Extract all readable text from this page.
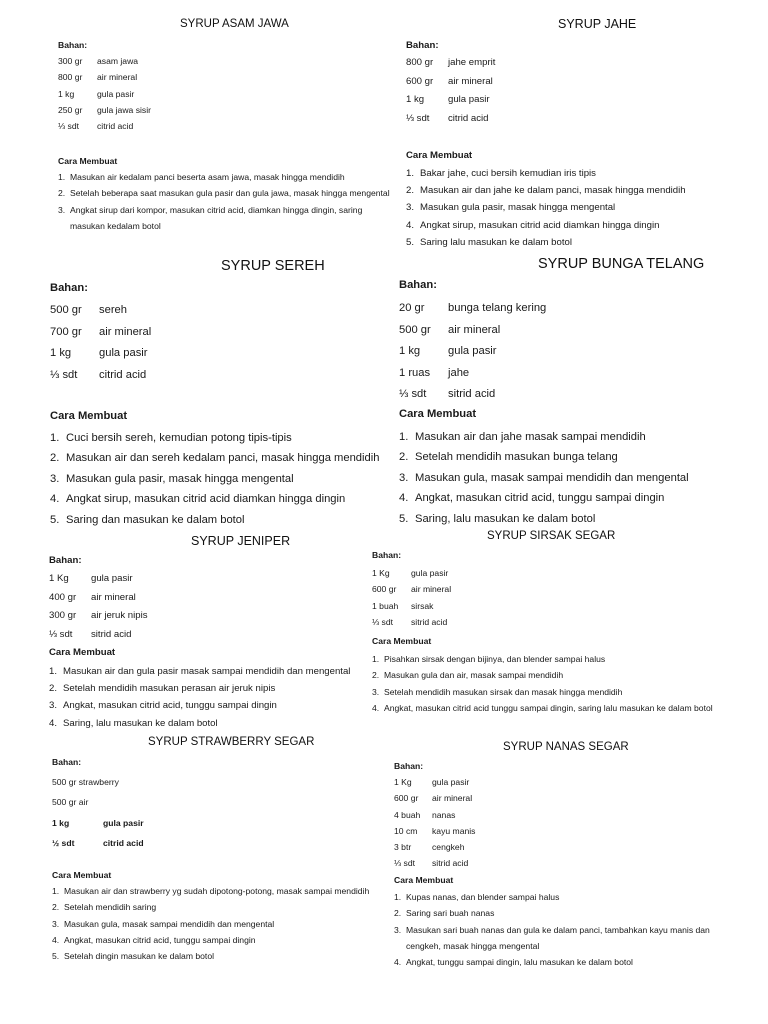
SYRUP ASAM JAWA
Bahan:
300 gr	asam jawa
800 gr	air mineral
1 kg	gula pasir
250 gr	gula jawa sisir
⅓ sdt	citrid acid
Cara Membuat
1. Masukan air kedalam panci beserta asam jawa, masak hingga mendidih
2. Setelah beberapa saat masukan gula pasir dan gula jawa, masak hingga mengental
3. Angkat sirup dari kompor, masukan citrid acid, diamkan hingga dingin, saring masukan kedalam botol
SYRUP JAHE
Bahan:
800 gr	jahe emprit
600 gr	air mineral
1 kg	gula pasir
⅓ sdt	citrid acid
Cara Membuat
1. Bakar jahe, cuci bersih kemudian iris tipis
2. Masukan air dan jahe ke dalam panci, masak hingga mendidih
3. Masukan gula pasir, masak hingga mengental
4. Angkat sirup, masukan citrid acid diamkan hingga dingin
5. Saring lalu masukan ke dalam botol
SYRUP SEREH
Bahan:
500 gr	sereh
700 gr	air mineral
1 kg	gula pasir
⅓ sdt	citrid acid
Cara Membuat
1. Cuci bersih sereh, kemudian potong tipis-tipis
2. Masukan air dan sereh kedalam panci, masak hingga mendidih
3. Masukan gula pasir, masak hingga mengental
4. Angkat sirup, masukan citrid acid diamkan hingga dingin
5. Saring dan masukan ke dalam botol
SYRUP BUNGA TELANG
Bahan:
20 gr	bunga telang kering
500 gr	air mineral
1 kg	gula pasir
1 ruas	jahe
⅓ sdt	sitrid acid
Cara Membuat
1. Masukan air dan jahe masak sampai mendidih
2. Setelah mendidih masukan bunga telang
3. Masukan gula, masak sampai mendidih dan mengental
4. Angkat, masukan citrid acid, tunggu sampai dingin
5. Saring, lalu masukan ke dalam botol
SYRUP JENIPER
Bahan:
1 Kg	gula pasir
400 gr	air mineral
300 gr	air jeruk nipis
⅓ sdt	sitrid acid
Cara Membuat
1. Masukan air dan gula pasir masak sampai mendidih dan mengental
2. Setelah mendidih masukan perasan air jeruk nipis
3. Angkat, masukan citrid acid, tunggu sampai dingin
4. Saring, lalu masukan ke dalam botol
SYRUP SIRSAK SEGAR
Bahan:
1 Kg	gula pasir
600 gr	air mineral
1 buah	sirsak
⅓ sdt	sitrid acid
Cara Membuat
1. Pisahkan sirsak dengan bijinya, dan blender sampai halus
2. Masukan gula dan air, masak sampai mendidih
3. Setelah mendidih masukan sirsak dan masak hingga mendidih
4. Angkat, masukan citrid acid tunggu sampai dingin, saring lalu masukan ke dalam botol
SYRUP STRAWBERRY SEGAR
Bahan:
500 gr strawberry
500 gr air
1 kg	gula pasir
½ sdt	citrid acid
Cara Membuat
1. Masukan air dan strawberry yg sudah dipotong-potong, masak sampai mendidih
2. Setelah mendidih saring
3. Masukan gula, masak sampai mendidih dan mengental
4. Angkat, masukan citrid acid, tunggu sampai dingin
5. Setelah dingin masukan ke dalam botol
SYRUP NANAS SEGAR
Bahan:
1 Kg	gula pasir
600 gr	air mineral
4 buah	nanas
10 cm	kayu manis
3 btr	cengkeh
⅓ sdt	sitrid acid
Cara Membuat
1. Kupas nanas, dan blender sampai halus
2. Saring sari buah nanas
3. Masukan sari buah nanas dan gula ke dalam panci, tambahkan kayu manis dan cengkeh, masak hingga mengental
4. Angkat, tunggu sampai dingin, lalu masukan ke dalam botol
